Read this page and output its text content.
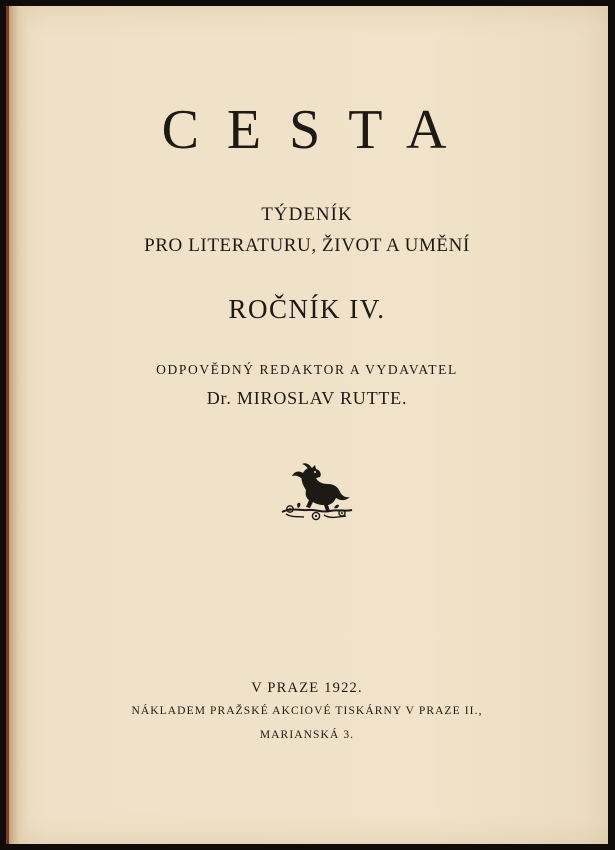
CESTA
TÝDENÍK
PRO LITERATURU, ŽIVOT A UMĚNÍ
ROČNÍK IV.
ODPOVĚDNÝ REDAKTOR A VYDAVATEL
Dr. MIROSLAV RUTTE.
V PRAZE 1922.
NÁKLADEM PRAŽSKÉ AKCIOVÉ TISKÁRNY V PRAZE II.,
MARIANSKÁ 3.
